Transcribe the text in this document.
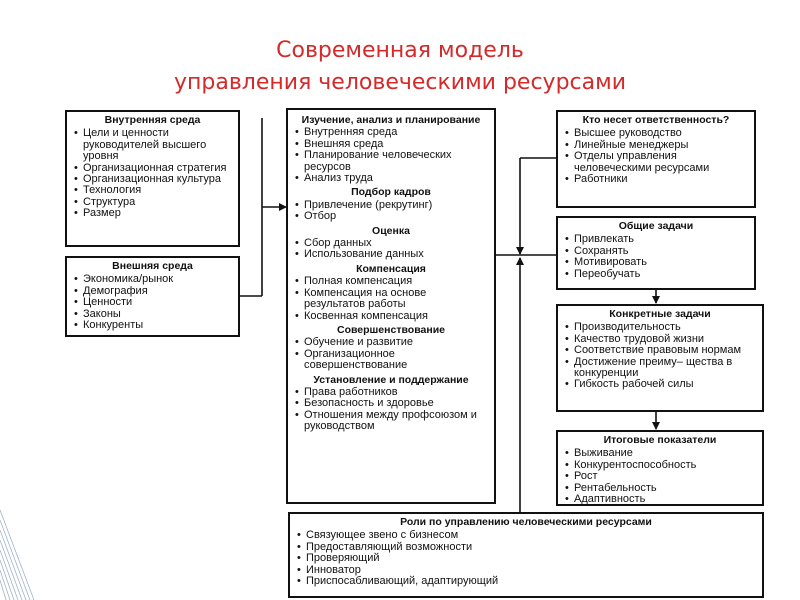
Современная модель
управления человеческими ресурсами
Внутренняя среда
• Цели и ценности руководителей высшего уровня
• Организационная стратегия
• Организационная культура
• Технология
• Структура
• Размер
Внешняя среда
• Экономика/рынок
• Демография
• Ценности
• Законы
• Конкуренты
Изучение, анализ и планирование
• Внутренняя среда
• Внешняя среда
• Планирование человеческих ресурсов
• Анализ труда
Подбор кадров
• Привлечение (рекрутинг)
• Отбор
Оценка
• Сбор данных
• Использование данных
Компенсация
• Полная компенсация
• Компенсация на основе результатов работы
• Косвенная компенсация
Совершенствование
• Обучение и развитие
• Организационное совершенствование
Установление и поддержание
• Права работников
• Безопасность и здоровье
• Отношения между профсоюзом и руководством
Кто несет ответственность?
• Высшее руководство
• Линейные менеджеры
• Отделы управления человеческими ресурсами
• Работники
Общие задачи
• Привлекать
• Сохранять
• Мотивировать
• Переобучать
Конкретные задачи
• Производительность
• Качество трудовой жизни
• Соответствие правовым нормам
• Достижение преиму– щества в конкуренции
• Гибкость рабочей силы
Итоговые показатели
• Выживание
• Конкурентоспособность
• Рост
• Рентабельность
• Адаптивность
Роли по управлению человеческими ресурсами
• Связующее звено с бизнесом
• Предоставляющий возможности
• Проверяющий
• Инноватор
• Приспосабливающий, адаптирующий
